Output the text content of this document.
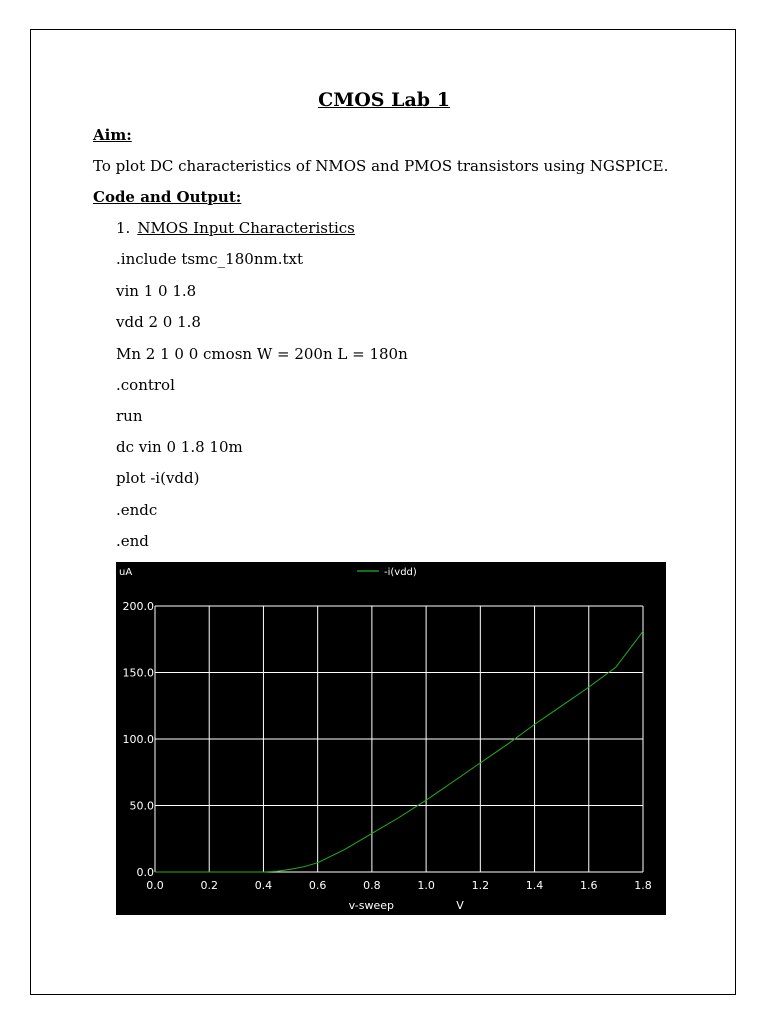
CMOS Lab 1
Aim:
To plot DC characteristics of NMOS and PMOS transistors using NGSPICE.
Code and Output:
1. NMOS Input Characteristics
.include tsmc_180nm.txt
vin 1 0 1.8
vdd 2 0 1.8
Mn 2 1 0 0 cmosn W = 200n L = 180n
.control
run
dc vin 0 1.8 10m
plot -i(vdd)
.endc
.end
0.0	0.2	0.4	0.6	0.8	1.0	1.2	1.4	1.6	1.8
0.0
50.0
100.0
150.0
200.0
uA	-i(vdd)
v-sweep	V
